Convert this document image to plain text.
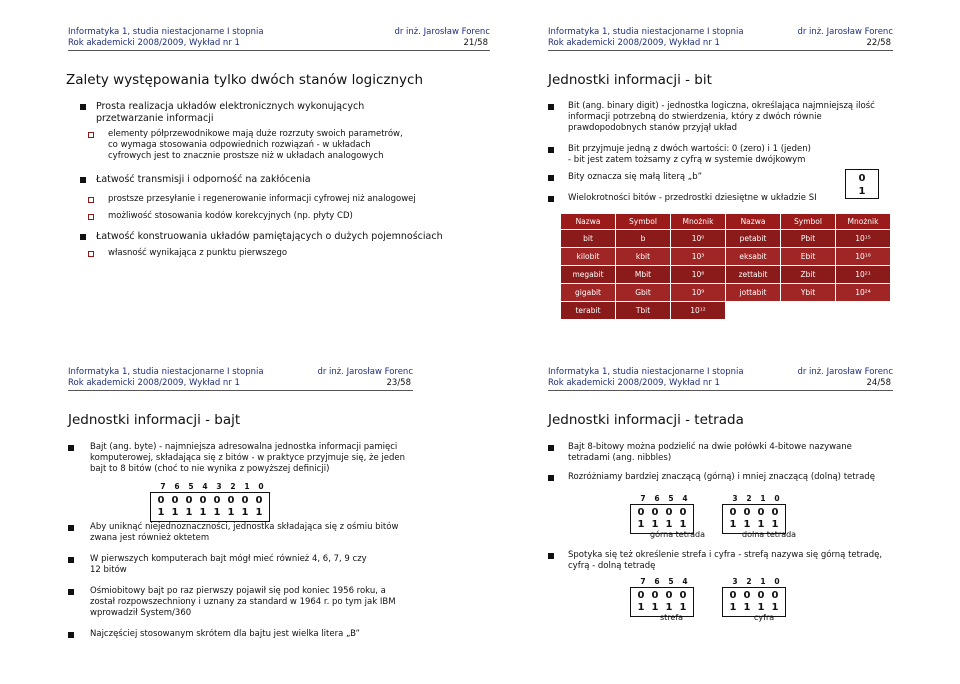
Informatyka 1, studia niestacjonarne I stopnia
Rok akademicki 2008/2009, Wykład nr 1
dr inż. Jarosław Forenc
21/58
Zalety występowania tylko dwóch stanów logicznych
Prosta realizacja układów elektronicznych wykonujących przetwarzanie informacji
elementy półprzewodnikowe mają duże rozrzuty swoich parametrów, co wymaga stosowania odpowiednich rozwiązań - w układach cyfrowych jest to znacznie prostsze niż w układach analogowych
Łatwość transmisji i odporność na zakłócenia
prostsze przesyłanie i regenerowanie informacji cyfrowej niż analogowej
możliwość stosowania kodów korekcyjnych (np. płyty CD)
Łatwość konstruowania układów pamiętających o dużych pojemnościach
własność wynikająca z punktu pierwszego
Informatyka 1, studia niestacjonarne I stopnia
Rok akademicki 2008/2009, Wykład nr 1
dr inż. Jarosław Forenc
22/58
Jednostki informacji - bit
Bit (ang. binary digit) - jednostka logiczna, określająca najmniejszą ilość informacji potrzebną do stwierdzenia, który z dwóch równie prawdopodobnych stanów przyjął układ
Bit przyjmuje jedną z dwóch wartości: 0 (zero) i 1 (jeden)
- bit jest zatem tożsamy z cyfrą w systemie dwójkowym
0
1
Bity oznacza się małą literą „b”
Wielokrotności bitów - przedrostki dziesiętne w układzie SI
Nazwa	Symbol	Mnożnik	Nazwa	Symbol	Mnożnik
bit	b	10⁰	petabit	Pbit	10¹⁵
kilobit	kbit	10³	eksabit	Ebit	10¹⁸
megabit	Mbit	10⁶	zettabit	Zbit	10²¹
gigabit	Gbit	10⁹	jottabit	Ybit	10²⁴
terabit	Tbit	10¹²			
Informatyka 1, studia niestacjonarne I stopnia
Rok akademicki 2008/2009, Wykład nr 1
dr inż. Jarosław Forenc
23/58
Jednostki informacji - bajt
Bajt (ang. byte) - najmniejsza adresowalna jednostka informacji pamięci komputerowej, składająca się z bitów - w praktyce przyjmuje się, że jeden bajt to 8 bitów (choć to nie wynika z powyższej definicji)
7 6 5 4 3 2 1 0
0 0 0 0 0 0 0 0
1 1 1 1 1 1 1 1
Aby uniknąć niejednoznaczności, jednostka składająca się z ośmiu bitów zwana jest również oktetem
W pierwszych komputerach bajt mógł mieć również 4, 6, 7, 9 czy 12 bitów
Ośmiobitowy bajt po raz pierwszy pojawił się pod koniec 1956 roku, a został rozpowszechniony i uznany za standard w 1964 r. po tym jak IBM wprowadził System/360
Najczęściej stosowanym skrótem dla bajtu jest wielka litera „B”
Informatyka 1, studia niestacjonarne I stopnia
Rok akademicki 2008/2009, Wykład nr 1
dr inż. Jarosław Forenc
24/58
Jednostki informacji - tetrada
Bajt 8-bitowy można podzielić na dwie połówki 4-bitowe nazywane tetradami (ang. nibbles)
Rozróżniamy bardziej znaczącą (górną) i mniej znaczącą (dolną) tetradę
7 6 5 4	3 2 1 0
0 0 0 0
1 1 1 1
0 0 0 0
1 1 1 1
górna tetrada	dolna tetrada
Spotyka się też określenie strefa i cyfra - strefą nazywa się górną tetradę, cyfrą - dolną tetradę
7 6 5 4	3 2 1 0
0 0 0 0
1 1 1 1
0 0 0 0
1 1 1 1
strefa	cyfra
